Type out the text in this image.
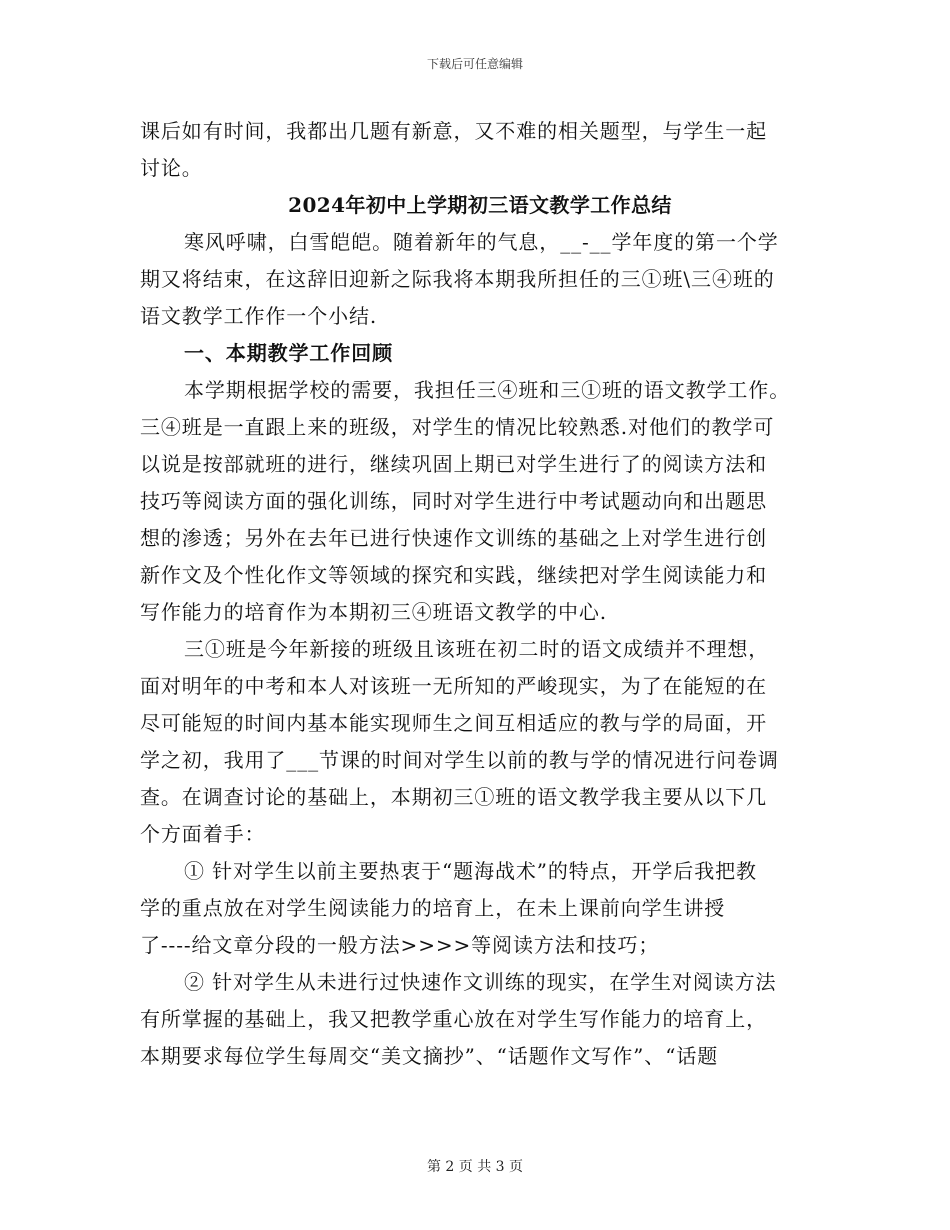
下载后可任意编辑
课后如有时间，我都出几题有新意，又不难的相关题型，与学生一起
讨论。
2024年初中上学期初三语文教学工作总结
寒风呼啸，白雪皑皑。随着新年的气息，__-__学年度的第一个学
期又将结束，在这辞旧迎新之际我将本期我所担任的三①班\三④班的
语文教学工作作一个小结.
一、本期教学工作回顾
本学期根据学校的需要，我担任三④班和三①班的语文教学工作。
三④班是一直跟上来的班级，对学生的情况比较熟悉.对他们的教学可
以说是按部就班的进行，继续巩固上期已对学生进行了的阅读方法和
技巧等阅读方面的强化训练，同时对学生进行中考试题动向和出题思
想的渗透；另外在去年已进行快速作文训练的基础之上对学生进行创
新作文及个性化作文等领域的探究和实践，继续把对学生阅读能力和
写作能力的培育作为本期初三④班语文教学的中心.
三①班是今年新接的班级且该班在初二时的语文成绩并不理想，
面对明年的中考和本人对该班一无所知的严峻现实，为了在能短的在
尽可能短的时间内基本能实现师生之间互相适应的教与学的局面，开
学之初，我用了___节课的时间对学生以前的教与学的情况进行问卷调
查。在调查讨论的基础上，本期初三①班的语文教学我主要从以下几
个方面着手：
① 针对学生以前主要热衷于“题海战术”的特点，开学后我把教
学的重点放在对学生阅读能力的培育上，在未上课前向学生讲授
了----给文章分段的一般方法>>>>等阅读方法和技巧；
② 针对学生从未进行过快速作文训练的现实，在学生对阅读方法
有所掌握的基础上，我又把教学重心放在对学生写作能力的培育上，
本期要求每位学生每周交“美文摘抄”、“话题作文写作”、“话题
第 2 页 共 3 页
